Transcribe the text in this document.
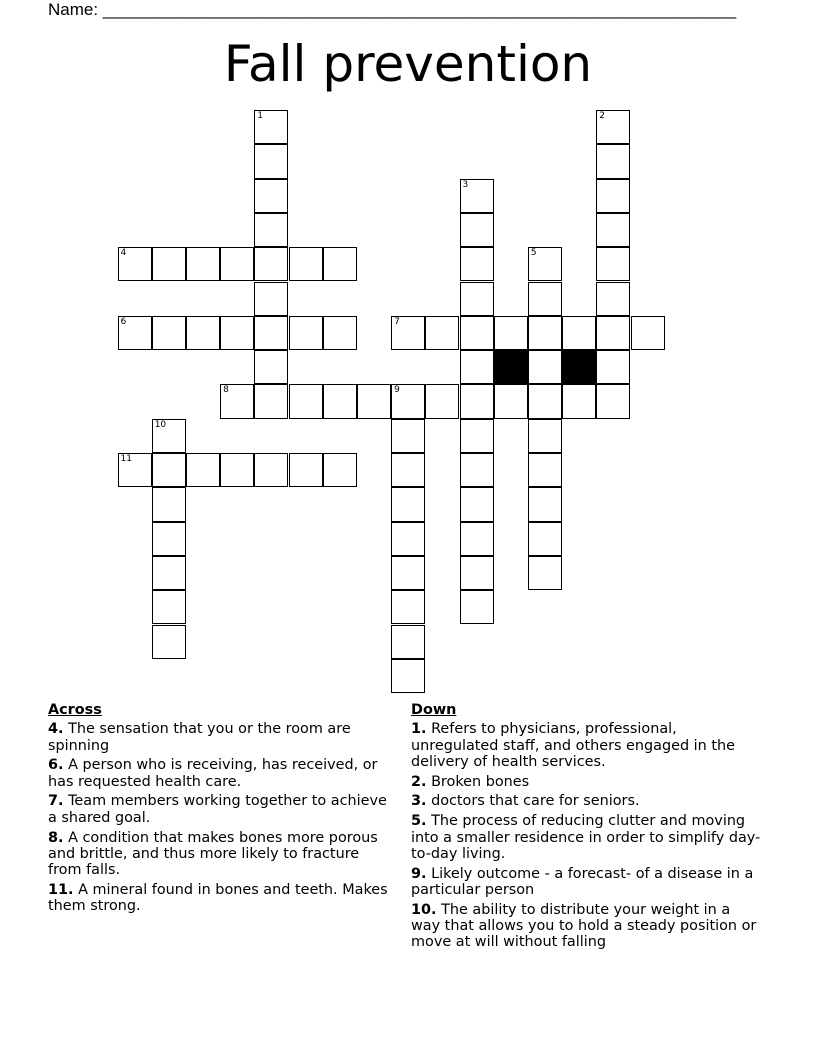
Name: ___________________________________________________________________
Fall prevention
1	2
3
4	5
6	7
8	9
10
11
Across
4. The sensation that you or the room are spinning
6. A person who is receiving, has received, or has requested health care.
7. Team members working together to achieve a shared goal.
8. A condition that makes bones more porous and brittle, and thus more likely to fracture from falls.
11. A mineral found in bones and teeth. Makes them strong.
Down
1. Refers to physicians, professional, unregulated staff, and others engaged in the delivery of health services.
2. Broken bones
3. doctors that care for seniors.
5. The process of reducing clutter and moving into a smaller residence in order to simplify day-to-day living.
9. Likely outcome - a forecast- of a disease in a particular person
10. The ability to distribute your weight in a way that allows you to hold a steady position or move at will without falling
